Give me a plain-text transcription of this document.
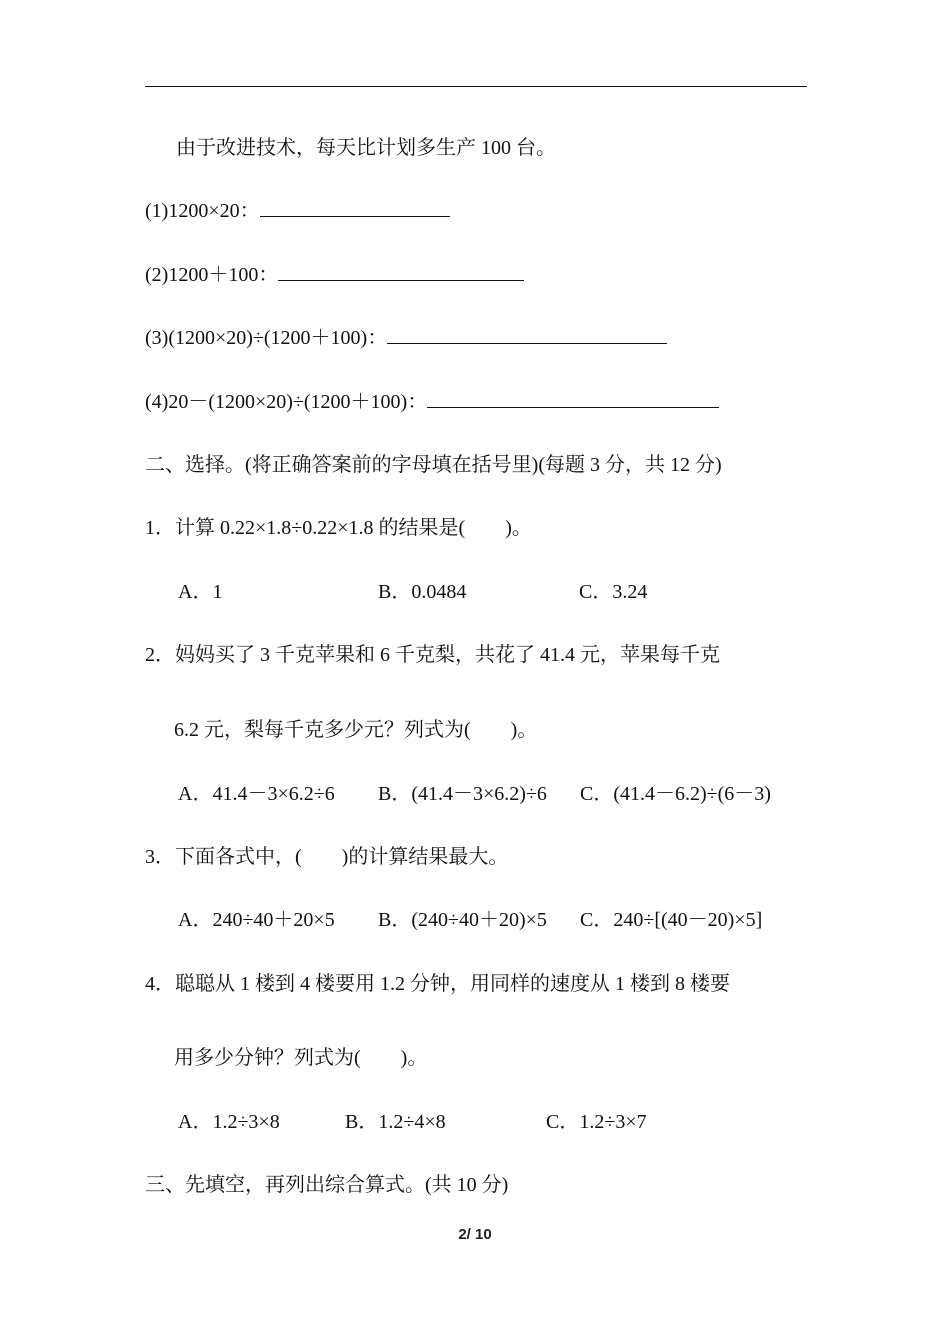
由于改进技术，每天比计划多生产 100 台。
(1)1200×20：
(2)1200＋100：
(3)(1200×20)÷(1200＋100)：
(4)20－(1200×20)÷(1200＋100)：
二、选择。(将正确答案前的字母填在括号里)(每题 3 分，共 12 分)
1．计算 0.22×1.8÷0.22×1.8 的结果是(　　)。

A．1

	B．0.0484

	C．3.24

2．妈妈买了 3 千克苹果和 6 千克梨，共花了 41.4 元，苹果每千克
6.2 元，梨每千克多少元？列式为(　　)。

A．41.4－3×6.2÷6

B．(41.4－3×6.2)÷6

C．(41.4－6.2)÷(6－3)

3．下面各式中，(　　)的计算结果最大。

A．240÷40＋20×5

B．(240÷40＋20)×5

C．240÷[(40－20)×5]

4．聪聪从 1 楼到 4 楼要用 1.2 分钟，用同样的速度从 1 楼到 8 楼要
用多少分钟？列式为(　　)。

A．1.2÷3×8

	B．1.2÷4×8

	C．1.2÷3×7

三、先填空，再列出综合算式。(共 10 分)
2/ 10
